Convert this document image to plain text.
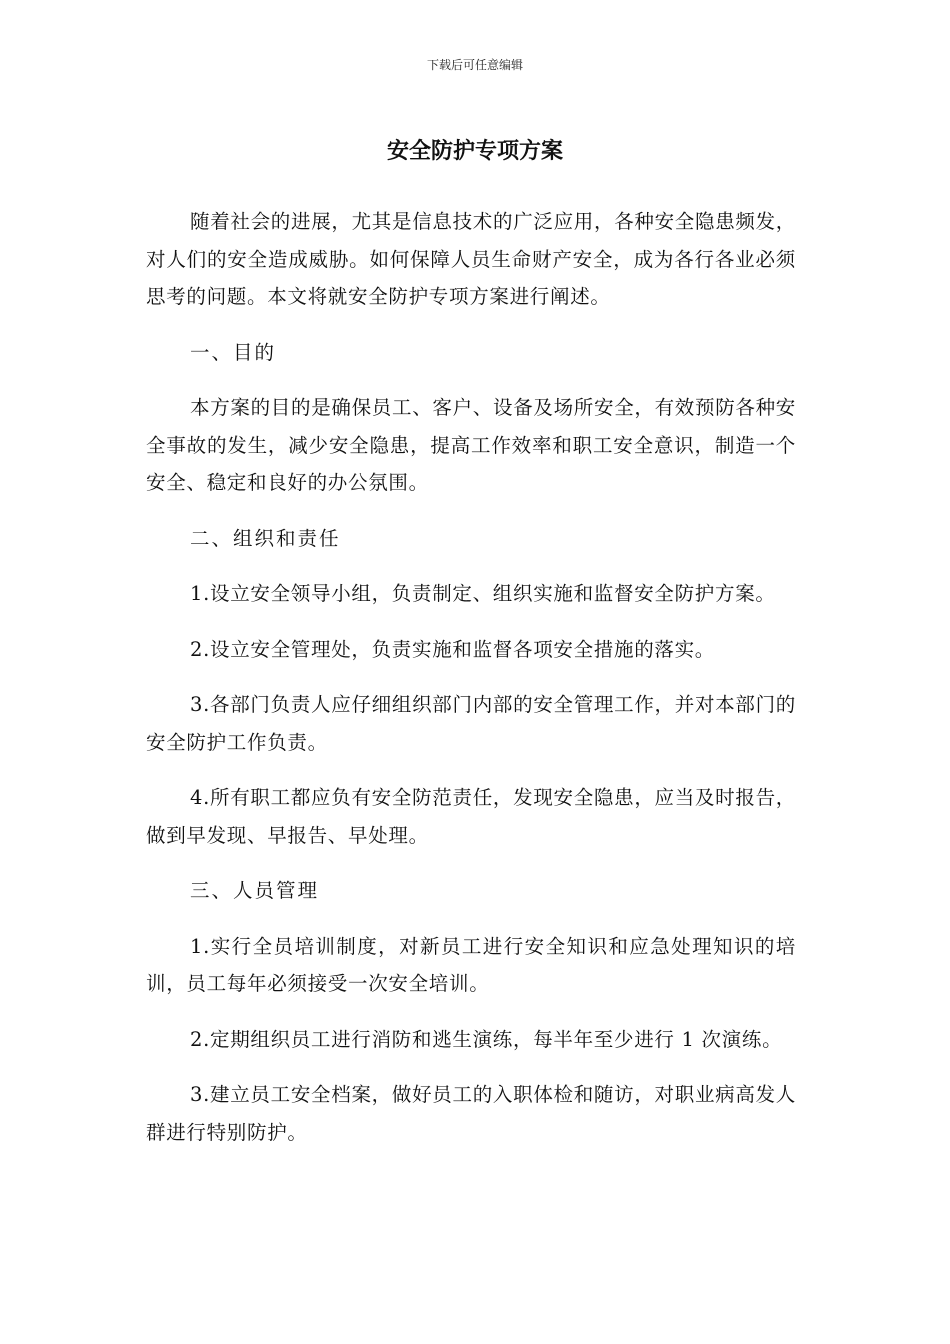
下载后可任意编辑
安全防护专项方案

随着社会的进展，尤其是信息技术的广泛应用，各种安全隐患频发，对人们的安全造成威胁。如何保障人员生命财产安全，成为各行各业必须思考的问题。本文将就安全防护专项方案进行阐述。

一、目的

本方案的目的是确保员工、客户、设备及场所安全，有效预防各种安全事故的发生，减少安全隐患，提高工作效率和职工安全意识，制造一个安全、稳定和良好的办公氛围。

二、组织和责任

1.设立安全领导小组，负责制定、组织实施和监督安全防护方案。

2.设立安全管理处，负责实施和监督各项安全措施的落实。

3.各部门负责人应仔细组织部门内部的安全管理工作，并对本部门的安全防护工作负责。

4.所有职工都应负有安全防范责任，发现安全隐患，应当及时报告，做到早发现、早报告、早处理。

三、人员管理

1.实行全员培训制度，对新员工进行安全知识和应急处理知识的培训，员工每年必须接受一次安全培训。

2.定期组织员工进行消防和逃生演练，每半年至少进行 1 次演练。

3.建立员工安全档案，做好员工的入职体检和随访，对职业病高发人群进行特别防护。
